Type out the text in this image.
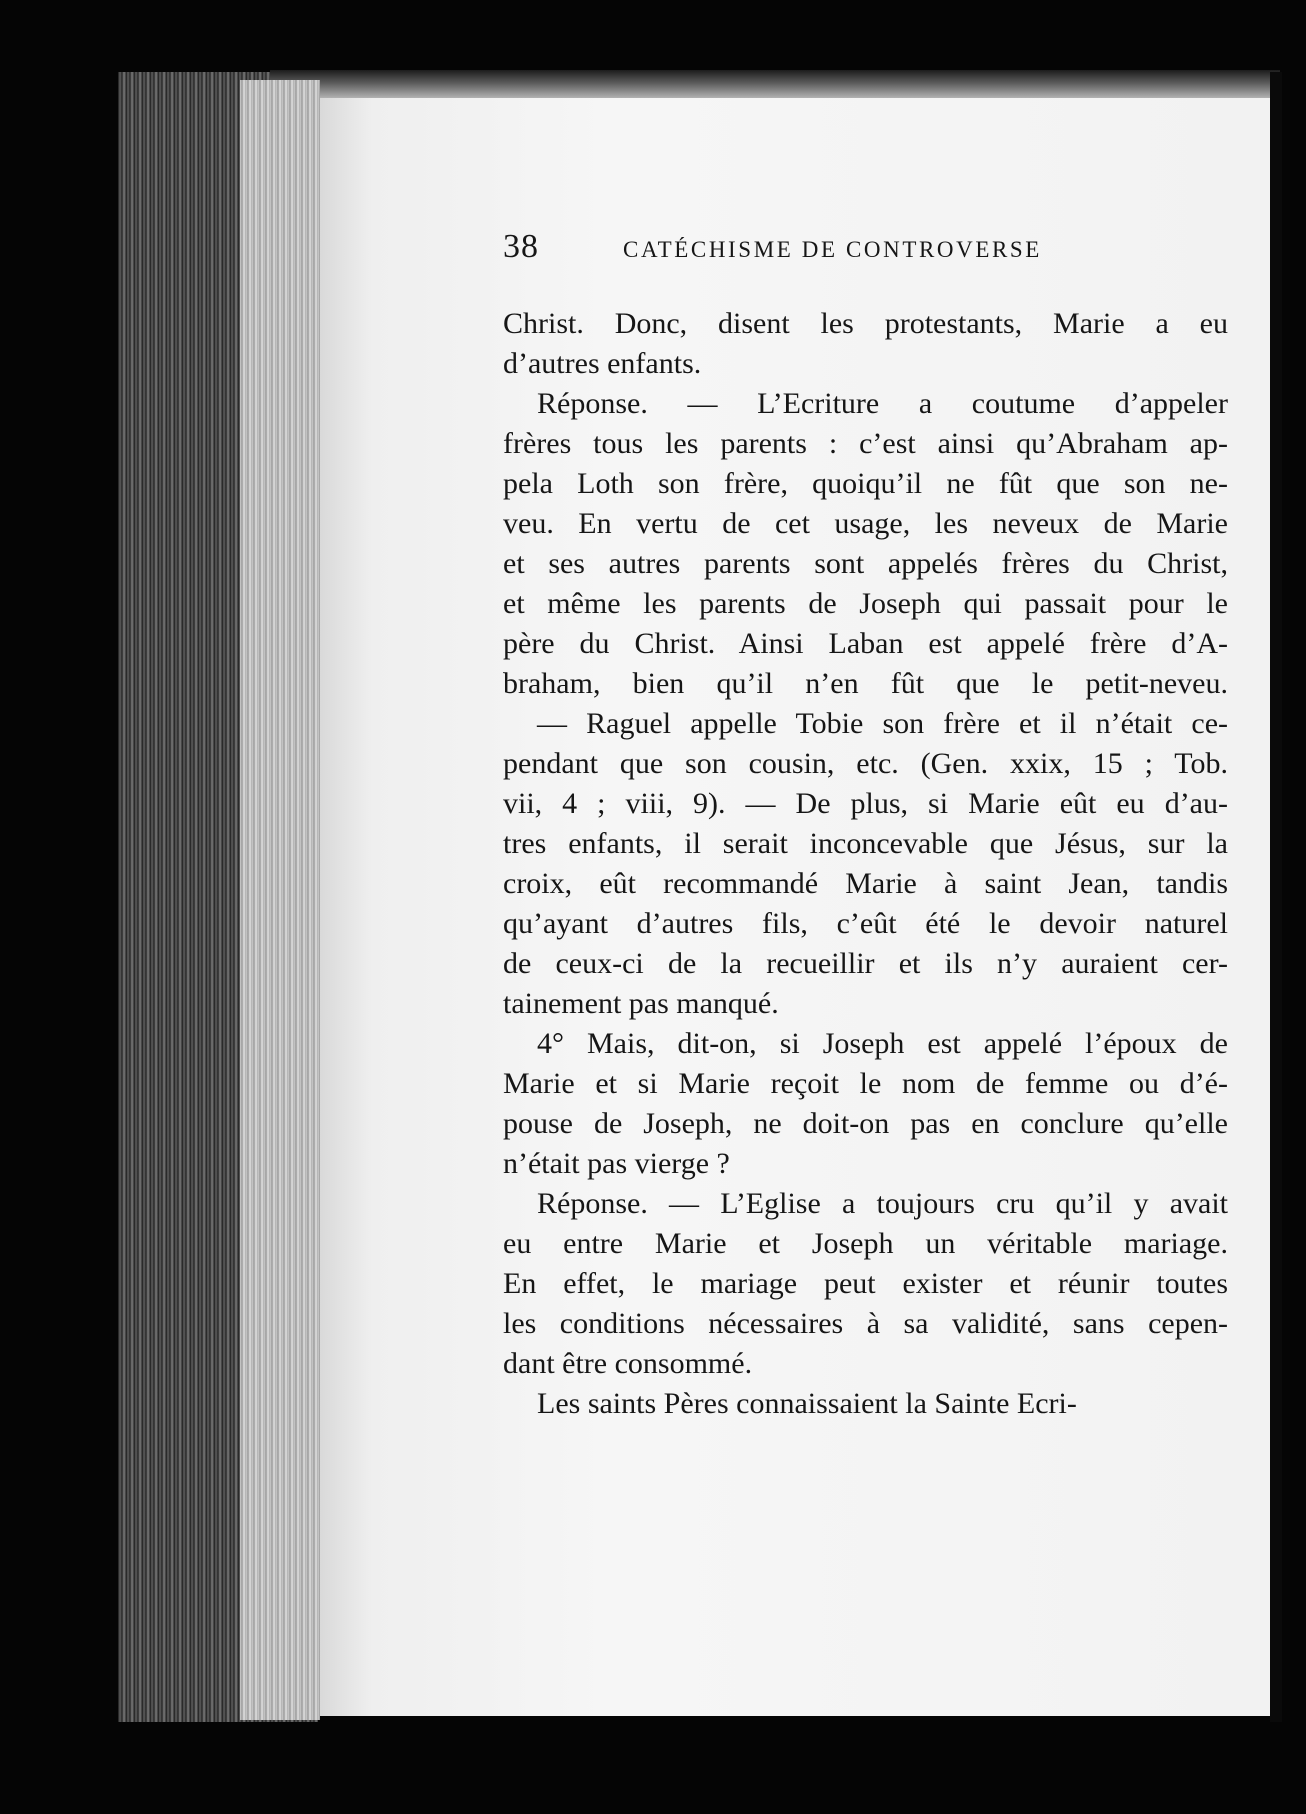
38	CATÉCHISME DE CONTROVERSE
Christ. Donc, disent les protestants, Marie a eu
d’autres enfants.
Réponse. — L’Ecriture a coutume d’appeler
frères tous les parents : c’est ainsi qu’Abraham ap-
pela Loth son frère, quoiqu’il ne fût que son ne-
veu. En vertu de cet usage, les neveux de Marie
et ses autres parents sont appelés frères du Christ,
et même les parents de Joseph qui passait pour le
père du Christ. Ainsi Laban est appelé frère d’A-
braham, bien qu’il n’en fût que le petit-neveu.
— Raguel appelle Tobie son frère et il n’était ce-
pendant que son cousin, etc. (Gen. xxix, 15 ; Tob.
vii, 4 ; viii, 9). — De plus, si Marie eût eu d’au-
tres enfants, il serait inconcevable que Jésus, sur la
croix, eût recommandé Marie à saint Jean, tandis
qu’ayant d’autres fils, c’eût été le devoir naturel
de ceux-ci de la recueillir et ils n’y auraient cer-
tainement pas manqué.
4° Mais, dit-on, si Joseph est appelé l’époux de
Marie et si Marie reçoit le nom de femme ou d’é-
pouse de Joseph, ne doit-on pas en conclure qu’elle
n’était pas vierge ?
Réponse. — L’Eglise a toujours cru qu’il y avait
eu entre Marie et Joseph un véritable mariage.
En effet, le mariage peut exister et réunir toutes
les conditions nécessaires à sa validité, sans cepen-
dant être consommé.
Les saints Pères connaissaient la Sainte Ecri-
